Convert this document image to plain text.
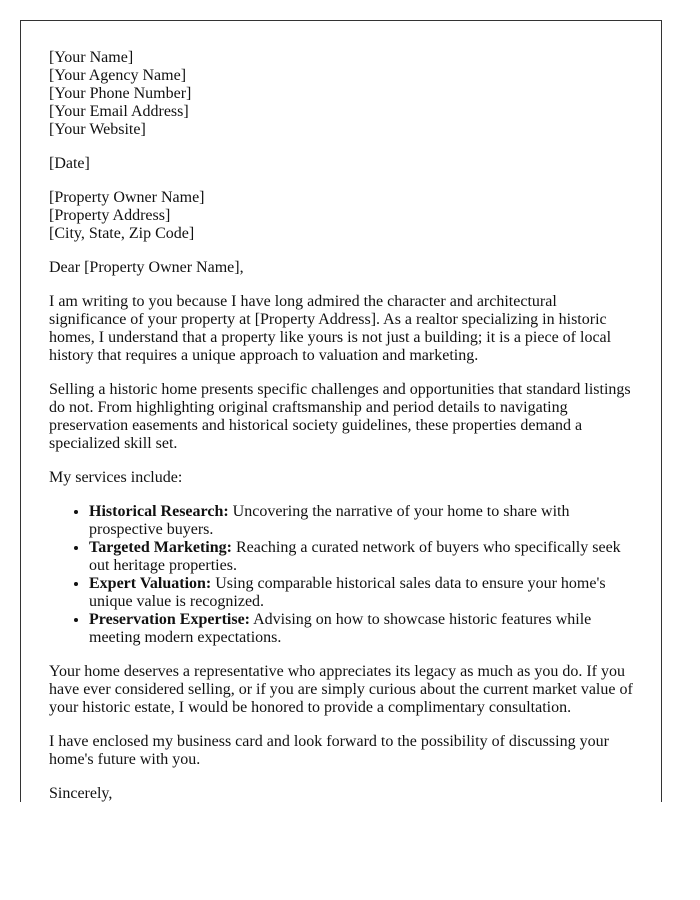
[Your Name]
[Your Agency Name]
[Your Phone Number]
[Your Email Address]
[Your Website]
[Date]
[Property Owner Name]
[Property Address]
[City, State, Zip Code]

Dear [Property Owner Name],

I am writing to you because I have long admired the character and architectural significance of your property at [Property Address]. As a realtor specializing in historic homes, I understand that a property like yours is not just a building; it is a piece of local history that requires a unique approach to valuation and marketing.

Selling a historic home presents specific challenges and opportunities that standard listings do not. From highlighting original craftsmanship and period details to navigating preservation easements and historical society guidelines, these properties demand a specialized skill set.

My services include:

• Historical Research: Uncovering the narrative of your home to share with prospective buyers.
• Targeted Marketing: Reaching a curated network of buyers who specifically seek out heritage properties.
• Expert Valuation: Using comparable historical sales data to ensure your home's unique value is recognized.
• Preservation Expertise: Advising on how to showcase historic features while meeting modern expectations.

Your home deserves a representative who appreciates its legacy as much as you do. If you have ever considered selling, or if you are simply curious about the current market value of your historic estate, I would be honored to provide a complimentary consultation.

I have enclosed my business card and look forward to the possibility of discussing your home's future with you.

Sincerely,
